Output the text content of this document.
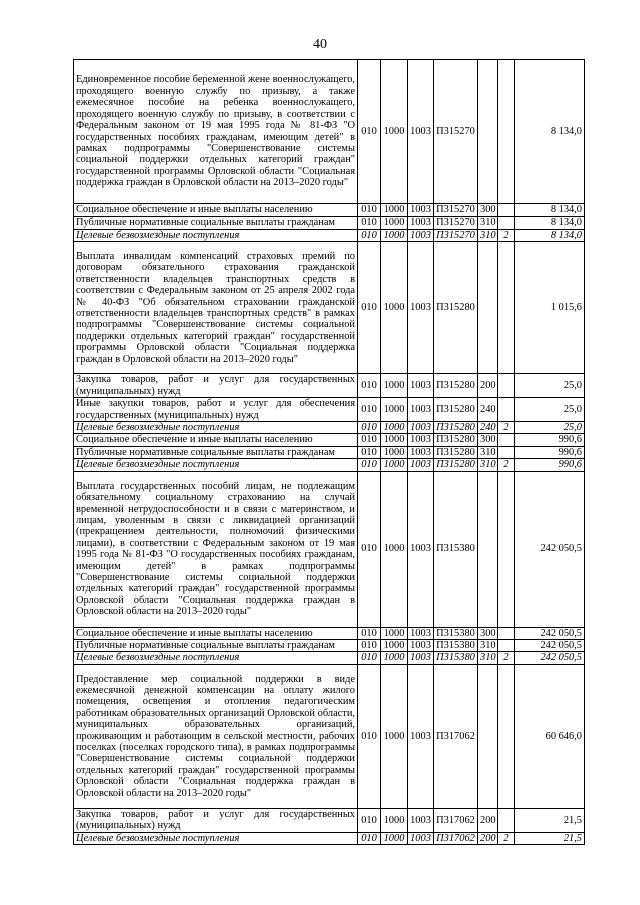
40
Единовременное пособие беременной жене военнослужащего, проходящего военную службу по призыву, а также ежемесячное пособие на ребенка военнослужащего, проходящего военную службу по призыву, в соответствии с Федеральным законом от 19 мая 1995 года № 81-ФЗ "О государственных пособиях гражданам, имеющим детей" в рамках подпрограммы "Совершенствование системы социальной поддержки отдельных категорий граждан" государственной программы Орловской области "Социальная поддержка граждан в Орловской области на 2013–2020 годы"	010	1000	1003	П315270			8 134,0
Социальное обеспечение и иные выплаты населению	010	1000	1003	П315270	300		8 134,0
Публичные нормативные социальные выплаты гражданам	010	1000	1003	П315270	310		8 134,0
Целевые безвозмездные поступления	010	1000	1003	П315270	310	2	8 134,0
Выплата инвалидам компенсаций страховых премий по договорам обязательного страхования гражданской ответственности владельцев транспортных средств в соответствии с Федеральным законом от 25 апреля 2002 года № 40-ФЗ "Об обязательном страховании гражданской ответственности владельцев транспортных средств" в рамках подпрограммы "Совершенствование системы социальной поддержки отдельных категорий граждан" государственной программы Орловской области "Социальная поддержка граждан в Орловской области на 2013–2020 годы"	010	1000	1003	П315280			1 015,6
Закупка товаров, работ и услуг для государственных (муниципальных) нужд	010	1000	1003	П315280	200		25,0
Иные закупки товаров, работ и услуг для обеспечения государственных (муниципальных) нужд	010	1000	1003	П315280	240		25,0
Целевые безвозмездные поступления	010	1000	1003	П315280	240	2	25,0
Социальное обеспечение и иные выплаты населению	010	1000	1003	П315280	300		990,6
Публичные нормативные социальные выплаты гражданам	010	1000	1003	П315280	310		990,6
Целевые безвозмездные поступления	010	1000	1003	П315280	310	2	990,6
Выплата государственных пособий лицам, не подлежащим обязательному социальному страхованию на случай временной нетрудоспособности и в связи с материнством, и лицам, уволенным в связи с ликвидацией организаций (прекращением деятельности, полномочий физическими лицами), в соответствии с Федеральным законом от 19 мая 1995 года № 81-ФЗ "О государственных пособиях гражданам, имеющим детей" в рамках подпрограммы "Совершенствование системы социальной поддержки отдельных категорий граждан" государственной программы Орловской области "Социальная поддержка граждан в Орловской области на 2013–2020 годы"	010	1000	1003	П315380			242 050,5
Социальное обеспечение и иные выплаты населению	010	1000	1003	П315380	300		242 050,5
Публичные нормативные социальные выплаты гражданам	010	1000	1003	П315380	310		242 050,5
Целевые безвозмездные поступления	010	1000	1003	П315380	310	2	242 050,5
Предоставление мер социальной поддержки в виде ежемесячной денежной компенсации на оплату жилого помещения, освещения и отопления педагогическим работникам образовательных организаций Орловской области, муниципальных образовательных организаций, проживающим и работающим в сельской местности, рабочих поселках (поселках городского типа), в рамках подпрограммы "Совершенствование системы социальной поддержки отдельных категорий граждан" государственной программы Орловской области "Социальная поддержка граждан в Орловской области на 2013–2020 годы"	010	1000	1003	П317062			60 646,0
Закупка товаров, работ и услуг для государственных (муниципальных) нужд	010	1000	1003	П317062	200		21,5
Целевые безвозмездные поступления	010	1000	1003	П317062	200	2	21,5
